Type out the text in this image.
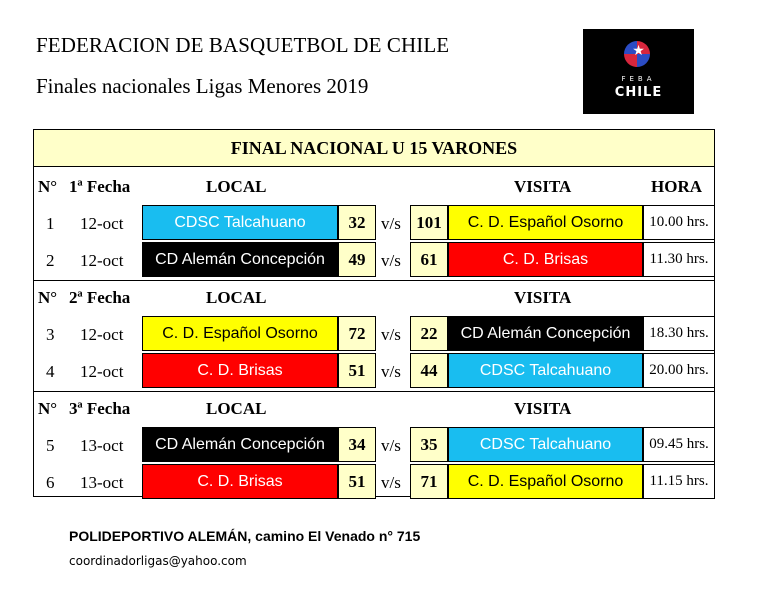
FEDERACION DE BASQUETBOL DE CHILE
Finales nacionales Ligas Menores 2019
★
FEBA
CHILE
FINAL NACIONAL U 15 VARONES
N° 1ª Fecha	LOCAL	VISITA	HORA
1 12-oct	CDSC Talcahuano	32 v/s 101	C. D. Español Osorno	10.00 hrs.
2 12-oct	CD Alemán Concepción	49 v/s	61	C. D. Brisas	11.30 hrs.
N° 2ª Fecha	LOCAL	VISITA
3 12-oct	C. D. Español Osorno	72 v/s	22	CD Alemán Concepción	18.30 hrs.
4 12-oct	C. D. Brisas	51 v/s	44	CDSC Talcahuano	20.00 hrs.
N° 3ª Fecha	LOCAL	VISITA
5 13-oct	CD Alemán Concepción	34 v/s	35	CDSC Talcahuano	09.45 hrs.
6 13-oct	C. D. Brisas	51 v/s	71	C. D. Español Osorno	11.15 hrs.
POLIDEPORTIVO ALEMÁN, camino El Venado n° 715
coordinadorligas@yahoo.com
